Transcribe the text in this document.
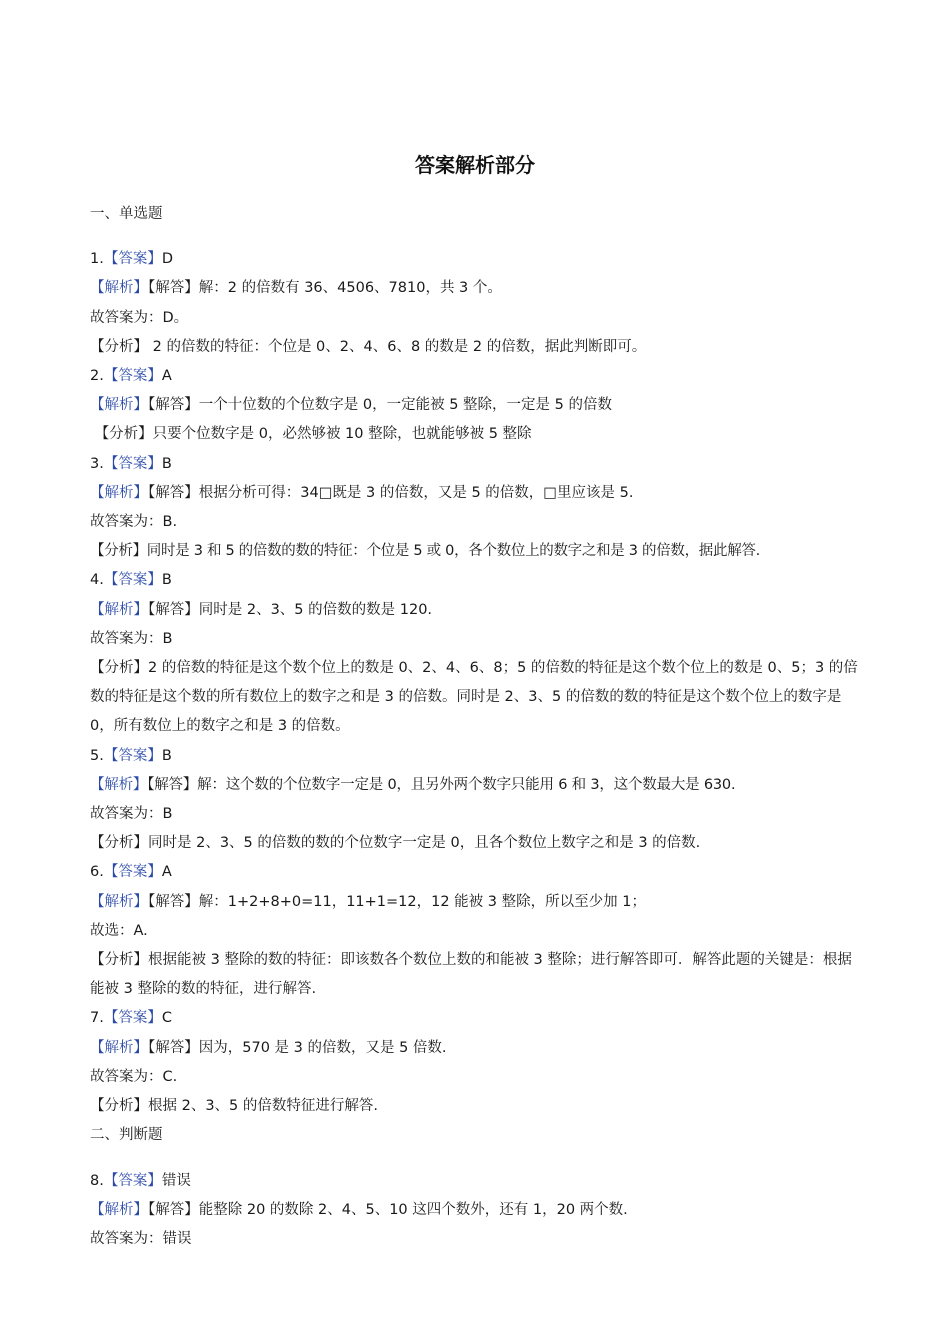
答案解析部分
一、单选题
1.【答案】D
【解析】【解答】解：2 的倍数有 36、4506、7810，共 3 个。
故答案为：D。
【分析】 2 的倍数的特征：个位是 0、2、4、6、8 的数是 2 的倍数，据此判断即可。
2.【答案】A
【解析】【解答】一个十位数的个位数字是 0，一定能被 5 整除，一定是 5 的倍数
【分析】只要个位数字是 0，必然够被 10 整除，也就能够被 5 整除
3.【答案】B
【解析】【解答】根据分析可得：34□既是 3 的倍数，又是 5 的倍数，□里应该是 5.
故答案为：B.
【分析】同时是 3 和 5 的倍数的数的特征：个位是 5 或 0，各个数位上的数字之和是 3 的倍数，据此解答.
4.【答案】B
【解析】【解答】同时是 2、3、5 的倍数的数是 120.
故答案为：B
【分析】2 的倍数的特征是这个数个位上的数是 0、2、4、6、8；5 的倍数的特征是这个数个位上的数是 0、5；3 的倍数的特征是这个数的所有数位上的数字之和是 3 的倍数。同时是 2、3、5 的倍数的数的特征是这个数个位上的数字是 0，所有数位上的数字之和是 3 的倍数。
5.【答案】B
【解析】【解答】解：这个数的个位数字一定是 0，且另外两个数字只能用 6 和 3，这个数最大是 630.
故答案为：B
【分析】同时是 2、3、5 的倍数的数的个位数字一定是 0，且各个数位上数字之和是 3 的倍数.
6.【答案】A
【解析】【解答】解：1+2+8+0=11，11+1=12，12 能被 3 整除，所以至少加 1；
故选：A.
【分析】根据能被 3 整除的数的特征：即该数各个数位上数的和能被 3 整除；进行解答即可．解答此题的关键是：根据能被 3 整除的数的特征，进行解答.
7.【答案】C
【解析】【解答】因为，570 是 3 的倍数，又是 5 倍数.
故答案为：C.
【分析】根据 2、3、5 的倍数特征进行解答.
二、判断题
8.【答案】错误
【解析】【解答】能整除 20 的数除 2、4、5、10 这四个数外，还有 1，20 两个数.
故答案为：错误
